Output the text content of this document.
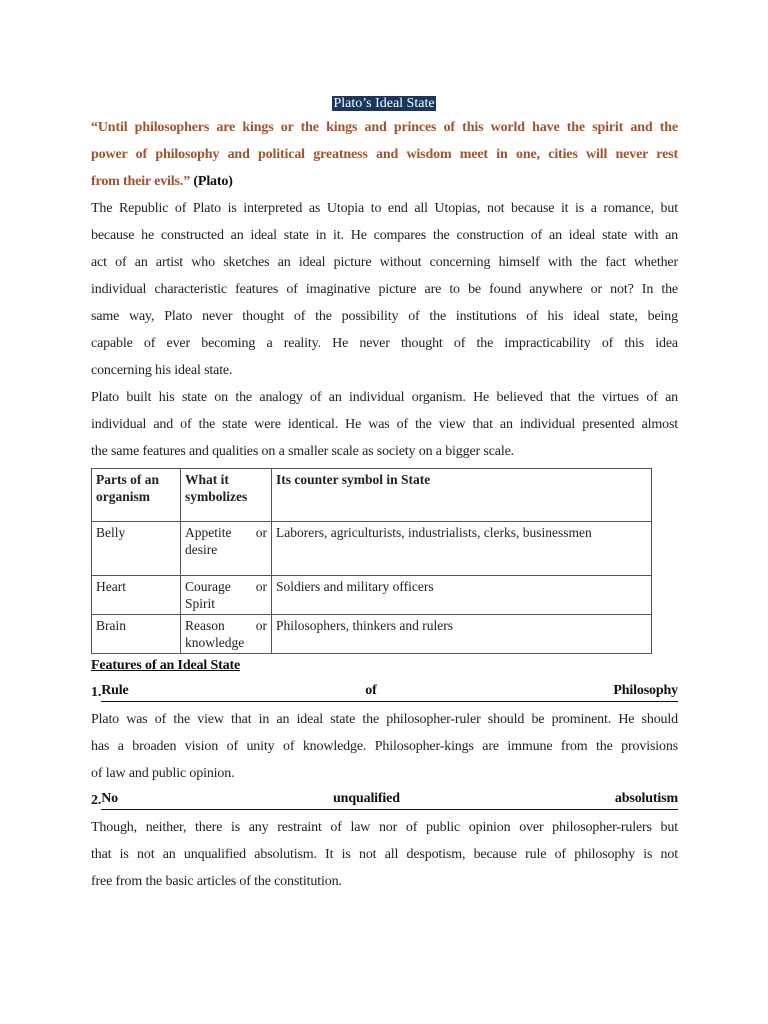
Plato’s Ideal State
“Until philosophers are kings or the kings and princes of this world have the spirit and the
power of philosophy and political greatness and wisdom meet in one, cities will never rest
from their evils.” (Plato)
The Republic of Plato is interpreted as Utopia to end all Utopias, not because it is a romance, but
because he constructed an ideal state in it. He compares the construction of an ideal state with an
act of an artist who sketches an ideal picture without concerning himself with the fact whether
individual characteristic features of imaginative picture are to be found anywhere or not? In the
same way, Plato never thought of the possibility of the institutions of his ideal state, being
capable of ever becoming a reality. He never thought of the impracticability of this idea
concerning his ideal state.
Plato built his state on the analogy of an individual organism. He believed that the virtues of an
individual and of the state were identical. He was of the view that an individual presented almost
the same features and qualities on a smaller scale as society on a bigger scale.
Parts of an organism	What it symbolizes	Its counter symbol in State
Belly	Appetite or desire	Laborers, agriculturists, industrialists, clerks, businessmen
Heart	Courage or Spirit	Soldiers and military officers
Brain	Reason or knowledge	Philosophers, thinkers and rulers
Features of an Ideal State
1. Rule	of	Philosophy
Plato was of the view that in an ideal state the philosopher-ruler should be prominent. He should
has a broaden vision of unity of knowledge. Philosopher-kings are immune from the provisions
of law and public opinion.
2. No	unqualified	absolutism
Though, neither, there is any restraint of law nor of public opinion over philosopher-rulers but
that is not an unqualified absolutism. It is not all despotism, because rule of philosophy is not
free from the basic articles of the constitution.
